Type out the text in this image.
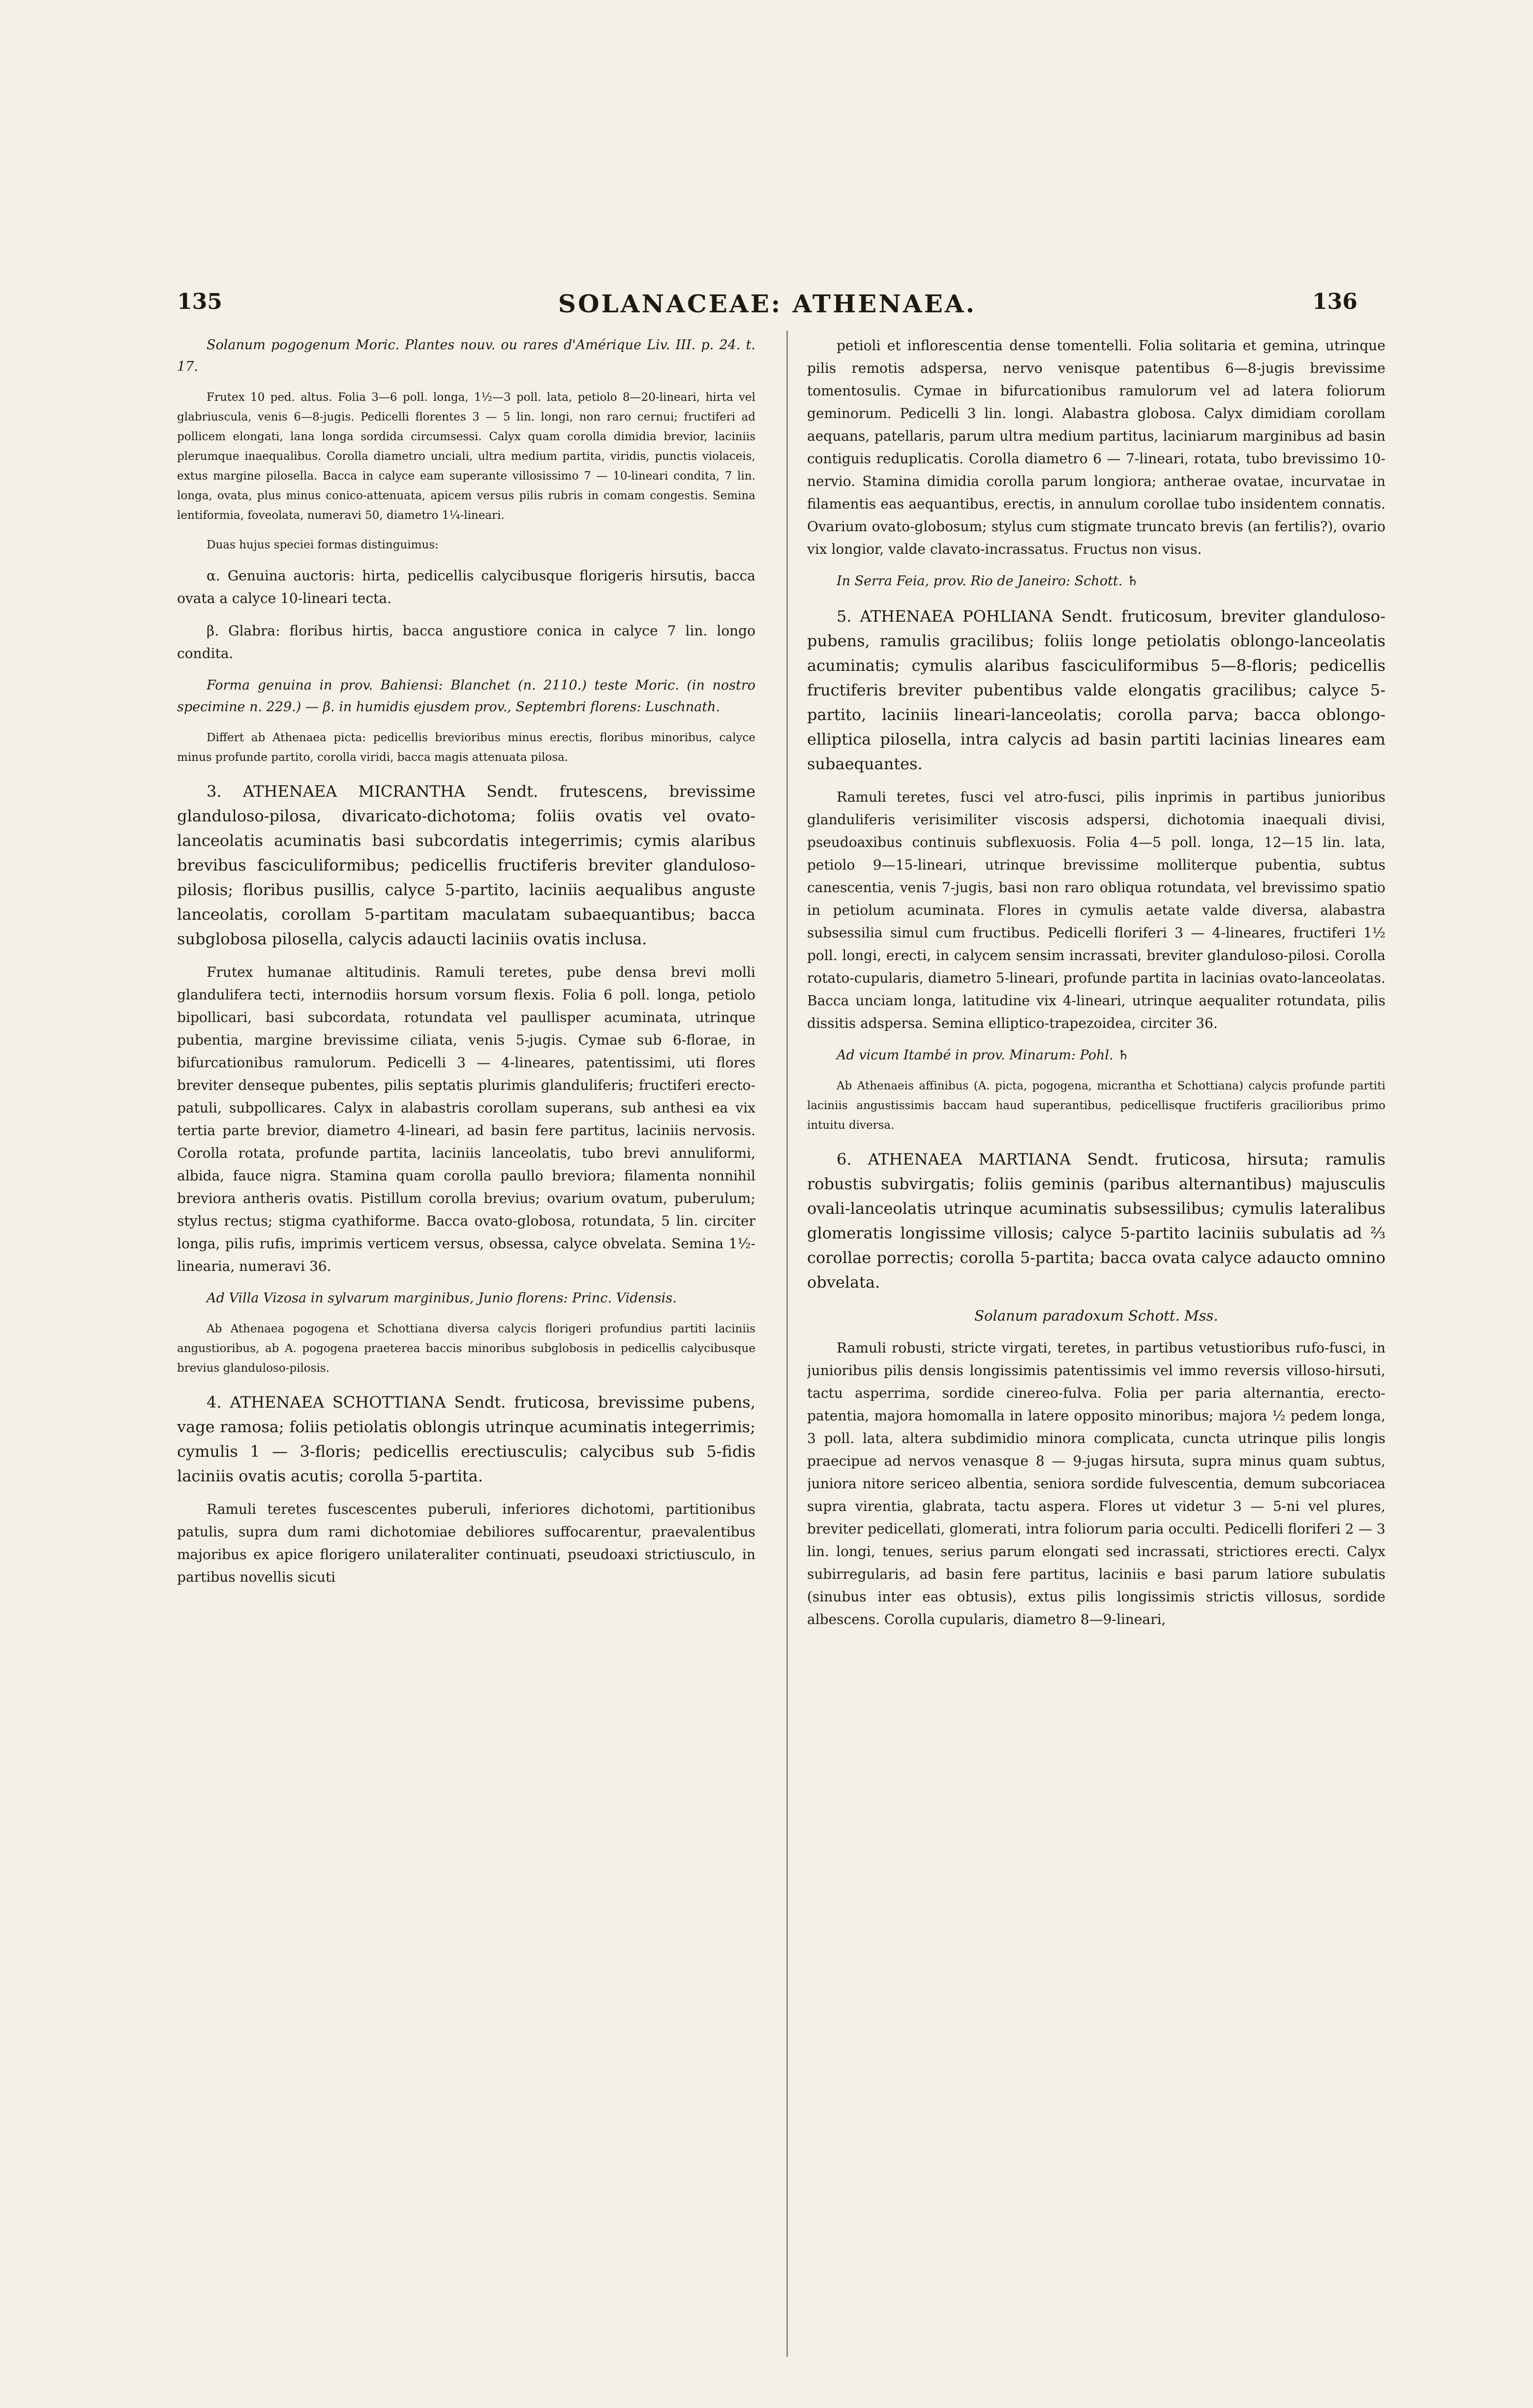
135	SOLANACEAE: ATHENAEA.	136

Solanum pogogenum Moric. Plantes nouv. ou rares d'Amérique Liv. III. p. 24. t. 17.

Frutex 10 ped. altus. Folia 3—6 poll. longa, 1½—3 poll. lata, petiolo 8—20-lineari, hirta vel glabriuscula, venis 6—8-jugis. Pedicelli florentes 3 — 5 lin. longi, non raro cernui; fructiferi ad pollicem elongati, lana longa sordida circumsessi. Calyx quam corolla dimidia brevior, laciniis plerumque inaequalibus. Corolla diametro unciali, ultra medium partita, viridis, punctis violaceis, extus margine pilosella. Bacca in calyce eam superante villosissimo 7 — 10-lineari condita, 7 lin. longa, ovata, plus minus conico-attenuata, apicem versus pilis rubris in comam congestis. Semina lentiformia, foveolata, numeravi 50, diametro 1¼-lineari.

Duas hujus speciei formas distinguimus:

α. Genuina auctoris: hirta, pedicellis calycibusque florigeris hirsutis, bacca ovata a calyce 10-lineari tecta.

β. Glabra: floribus hirtis, bacca angustiore conica in calyce 7 lin. longo condita.

Forma genuina in prov. Bahiensi: Blanchet (n. 2110.) teste Moric. (in nostro specimine n. 229.) — β. in humidis ejusdem prov., Septembri florens: Luschnath.

Differt ab Athenaea picta: pedicellis brevioribus minus erectis, floribus minoribus, calyce minus profunde partito, corolla viridi, bacca magis attenuata pilosa.

3. ATHENAEA MICRANTHA Sendt. frutescens, brevissime glanduloso-pilosa, divaricato-dichotoma; foliis ovatis vel ovato-lanceolatis acuminatis basi subcordatis integerrimis; cymis alaribus brevibus fasciculiformibus; pedicellis fructiferis breviter glanduloso-pilosis; floribus pusillis, calyce 5-partito, laciniis aequalibus anguste lanceolatis, corollam 5-partitam maculatam subaequantibus; bacca subglobosa pilosella, calycis adaucti laciniis ovatis inclusa.

Frutex humanae altitudinis. Ramuli teretes, pube densa brevi molli glandulifera tecti, internodiis horsum vorsum flexis. Folia 6 poll. longa, petiolo bipollicari, basi subcordata, rotundata vel paullisper acuminata, utrinque pubentia, margine brevissime ciliata, venis 5-jugis. Cymae sub 6-florae, in bifurcationibus ramulorum. Pedicelli 3 — 4-lineares, patentissimi, uti flores breviter denseque pubentes, pilis septatis plurimis glanduliferis; fructiferi erecto-patuli, subpollicares. Calyx in alabastris corollam superans, sub anthesi ea vix tertia parte brevior, diametro 4-lineari, ad basin fere partitus, laciniis nervosis. Corolla rotata, profunde partita, laciniis lanceolatis, tubo brevi annuliformi, albida, fauce nigra. Stamina quam corolla paullo breviora; filamenta nonnihil breviora antheris ovatis. Pistillum corolla brevius; ovarium ovatum, puberulum; stylus rectus; stigma cyathiforme. Bacca ovato-globosa, rotundata, 5 lin. circiter longa, pilis rufis, imprimis verticem versus, obsessa, calyce obvelata. Semina 1½-linearia, numeravi 36.

Ad Villa Vizosa in sylvarum marginibus, Junio florens: Princ. Vidensis.

Ab Athenaea pogogena et Schottiana diversa calycis florigeri profundius partiti laciniis angustioribus, ab A. pogogena praeterea baccis minoribus subglobosis in pedicellis calycibusque brevius glanduloso-pilosis.

4. ATHENAEA SCHOTTIANA Sendt. fruticosa, brevissime pubens, vage ramosa; foliis petiolatis oblongis utrinque acuminatis integerrimis; cymulis 1 — 3-floris; pedicellis erectiusculis; calycibus sub 5-fidis laciniis ovatis acutis; corolla 5-partita.

Ramuli teretes fuscescentes puberuli, inferiores dichotomi, partitionibus patulis, supra dum rami dichotomiae debiliores suffocarentur, praevalentibus majoribus ex apice florigero unilateraliter continuati, pseudoaxi strictiusculo, in partibus novellis sicuti

petioli et inflorescentia dense tomentelli. Folia solitaria et gemina, utrinque pilis remotis adspersa, nervo venisque patentibus 6—8-jugis brevissime tomentosulis. Cymae in bifurcationibus ramulorum vel ad latera foliorum geminorum. Pedicelli 3 lin. longi. Alabastra globosa. Calyx dimidiam corollam aequans, patellaris, parum ultra medium partitus, laciniarum marginibus ad basin contiguis reduplicatis. Corolla diametro 6 — 7-lineari, rotata, tubo brevissimo 10-nervio. Stamina dimidia corolla parum longiora; antherae ovatae, incurvatae in filamentis eas aequantibus, erectis, in annulum corollae tubo insidentem connatis. Ovarium ovato-globosum; stylus cum stigmate truncato brevis (an fertilis?), ovario vix longior, valde clavato-incrassatus. Fructus non visus.

In Serra Feia, prov. Rio de Janeiro: Schott. ♄

5. ATHENAEA POHLIANA Sendt. fruticosum, breviter glanduloso-pubens, ramulis gracilibus; foliis longe petiolatis oblongo-lanceolatis acuminatis; cymulis alaribus fasciculiformibus 5—8-floris; pedicellis fructiferis breviter pubentibus valde elongatis gracilibus; calyce 5-partito, laciniis lineari-lanceolatis; corolla parva; bacca oblongo-elliptica pilosella, intra calycis ad basin partiti lacinias lineares eam subaequantes.

Ramuli teretes, fusci vel atro-fusci, pilis inprimis in partibus junioribus glanduliferis verisimiliter viscosis adspersi, dichotomia inaequali divisi, pseudoaxibus continuis subflexuosis. Folia 4—5 poll. longa, 12—15 lin. lata, petiolo 9—15-lineari, utrinque brevissime molliterque pubentia, subtus canescentia, venis 7-jugis, basi non raro obliqua rotundata, vel brevissimo spatio in petiolum acuminata. Flores in cymulis aetate valde diversa, alabastra subsessilia simul cum fructibus. Pedicelli floriferi 3 — 4-lineares, fructiferi 1½ poll. longi, erecti, in calycem sensim incrassati, breviter glanduloso-pilosi. Corolla rotato-cupularis, diametro 5-lineari, profunde partita in lacinias ovato-lanceolatas. Bacca unciam longa, latitudine vix 4-lineari, utrinque aequaliter rotundata, pilis dissitis adspersa. Semina elliptico-trapezoidea, circiter 36.

Ad vicum Itambé in prov. Minarum: Pohl. ♄

Ab Athenaeis affinibus (A. picta, pogogena, micrantha et Schottiana) calycis profunde partiti laciniis angustissimis baccam haud superantibus, pedicellisque fructiferis gracilioribus primo intuitu diversa.

6. ATHENAEA MARTIANA Sendt. fruticosa, hirsuta; ramulis robustis subvirgatis; foliis geminis (paribus alternantibus) majusculis ovali-lanceolatis utrinque acuminatis subsessilibus; cymulis lateralibus glomeratis longissime villosis; calyce 5-partito laciniis subulatis ad ⅔ corollae porrectis; corolla 5-partita; bacca ovata calyce adaucto omnino obvelata.

Solanum paradoxum Schott. Mss.

Ramuli robusti, stricte virgati, teretes, in partibus vetustioribus rufo-fusci, in junioribus pilis densis longissimis patentissimis vel immo reversis villoso-hirsuti, tactu asperrima, sordide cinereo-fulva. Folia per paria alternantia, erecto-patentia, majora homomalla in latere opposito minoribus; majora ½ pedem longa, 3 poll. lata, altera subdimidio minora complicata, cuncta utrinque pilis longis praecipue ad nervos venasque 8 — 9-jugas hirsuta, supra minus quam subtus, juniora nitore sericeo albentia, seniora sordide fulvescentia, demum subcoriacea supra virentia, glabrata, tactu aspera. Flores ut videtur 3 — 5-ni vel plures, breviter pedicellati, glomerati, intra foliorum paria occulti. Pedicelli floriferi 2 — 3 lin. longi, tenues, serius parum elongati sed incrassati, strictiores erecti. Calyx subirregularis, ad basin fere partitus, laciniis e basi parum latiore subulatis (sinubus inter eas obtusis), extus pilis longissimis strictis villosus, sordide albescens. Corolla cupularis, diametro 8—9-lineari,
